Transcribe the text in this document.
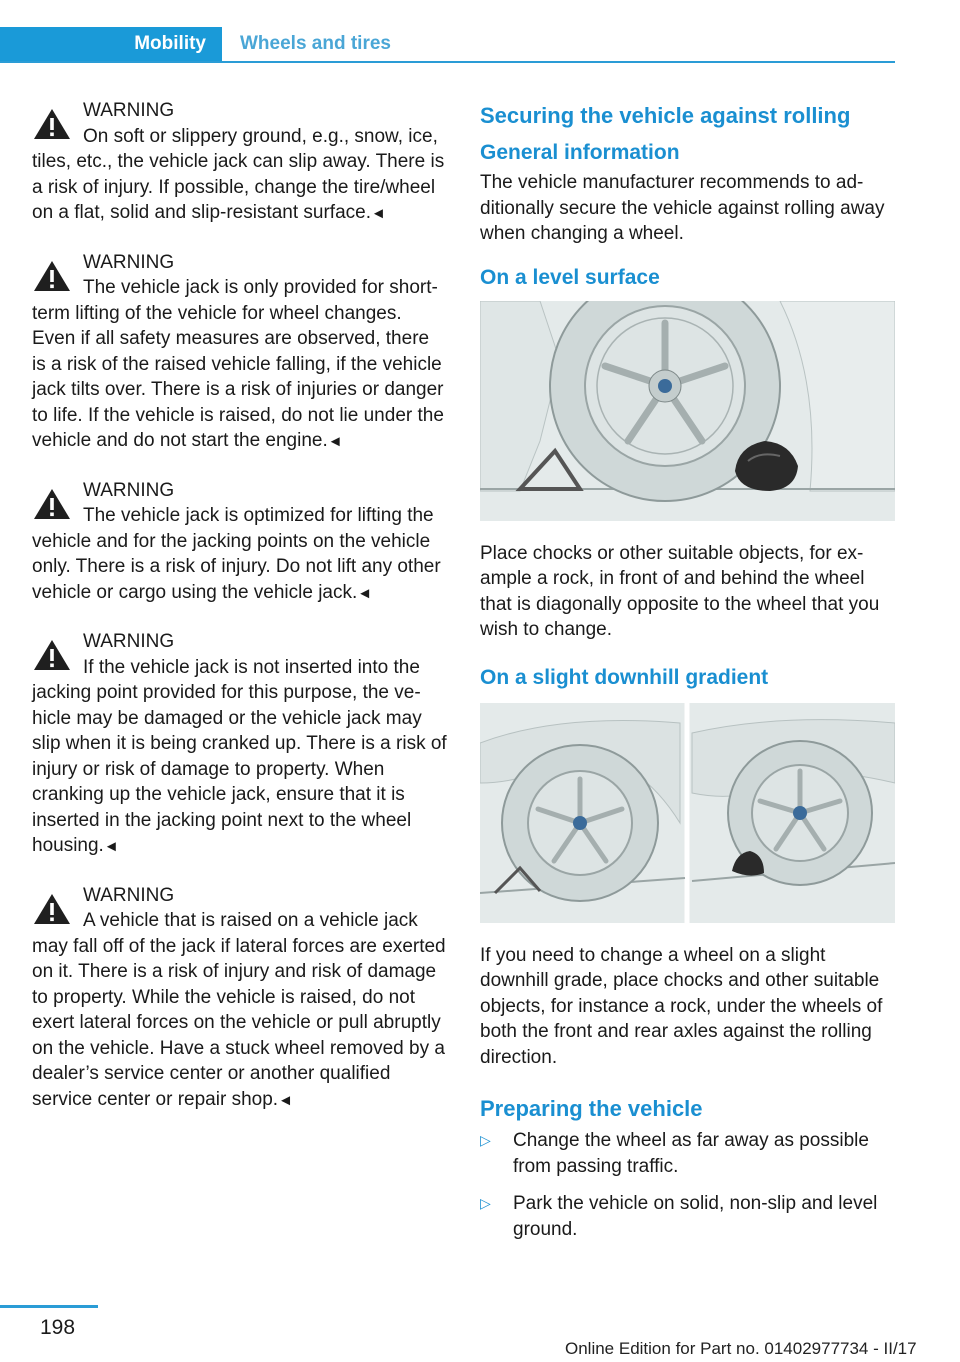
Mobility	Wheels and tires
WARNING
On soft or slippery ground, e.g., snow, ice, tiles, etc., the vehicle jack can slip away. There is a risk of injury. If possible, change the tire/wheel on a flat, solid and slip-resistant surface.◄
WARNING
The vehicle jack is only provided for short-term lifting of the vehicle for wheel changes. Even if all safety measures are observed, there is a risk of the raised vehicle falling, if the vehicle jack tilts over. There is a risk of injuries or danger to life. If the vehicle is raised, do not lie under the vehicle and do not start the engine.◄
WARNING
The vehicle jack is optimized for lifting the vehicle and for the jacking points on the vehicle only. There is a risk of injury. Do not lift any other vehicle or cargo using the vehicle jack.◄
WARNING
If the vehicle jack is not inserted into the jacking point provided for this purpose, the vehicle may be damaged or the vehicle jack may slip when it is being cranked up. There is a risk of injury or risk of damage to property. When cranking up the vehicle jack, ensure that it is inserted in the jacking point next to the wheel housing.◄
WARNING
A vehicle that is raised on a vehicle jack may fall off of the jack if lateral forces are exerted on it. There is a risk of injury and risk of damage to property. While the vehicle is raised, do not exert lateral forces on the vehicle or pull abruptly on the vehicle. Have a stuck wheel removed by a dealer’s service center or another qualified service center or repair shop.◄
Securing the vehicle against rolling
General information

The vehicle manufacturer recommends to additionally secure the vehicle against rolling away when changing a wheel.

On a level surface

Place chocks or other suitable objects, for example a rock, in front of and behind the wheel that is diagonally opposite to the wheel that you wish to change.

On a slight downhill gradient

If you need to change a wheel on a slight downhill grade, place chocks and other suitable objects, for instance a rock, under the wheels of both the front and rear axles against the rolling direction.

Preparing the vehicle
▷ Change the wheel as far away as possible from passing traffic.
▷ Park the vehicle on solid, non-slip and level ground.
198
Online Edition for Part no. 01402977734 - II/17
